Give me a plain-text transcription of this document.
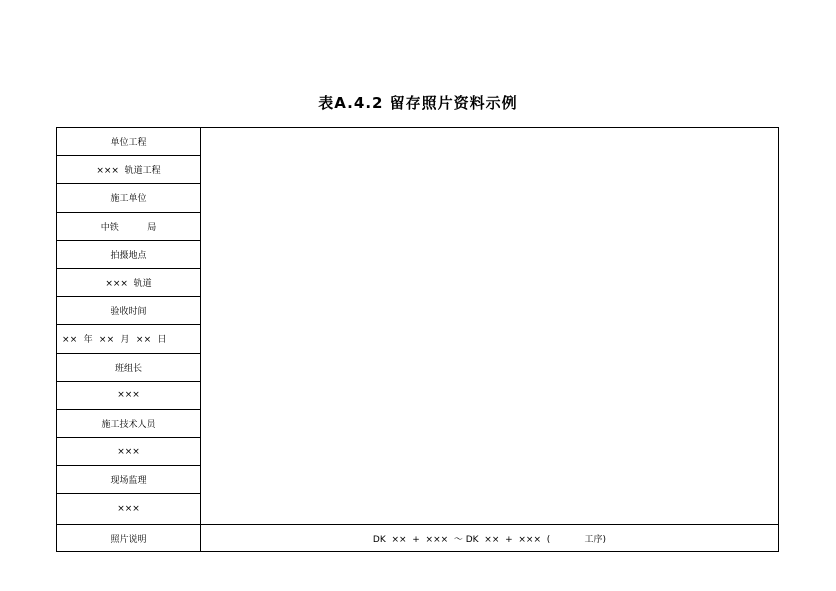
表A.4.2 留存照片资料示例
单位工程
×××  轨道工程
施工单位
中铁          局
拍摄地点
×××  轨道
验收时间
××  年  ××  月  ××  日
班组长
×××
施工技术人员
×××
现场监理
×××
照片说明	DK  ××  +  ×××  ～ DK  ××  +  ×××  (            工序)
